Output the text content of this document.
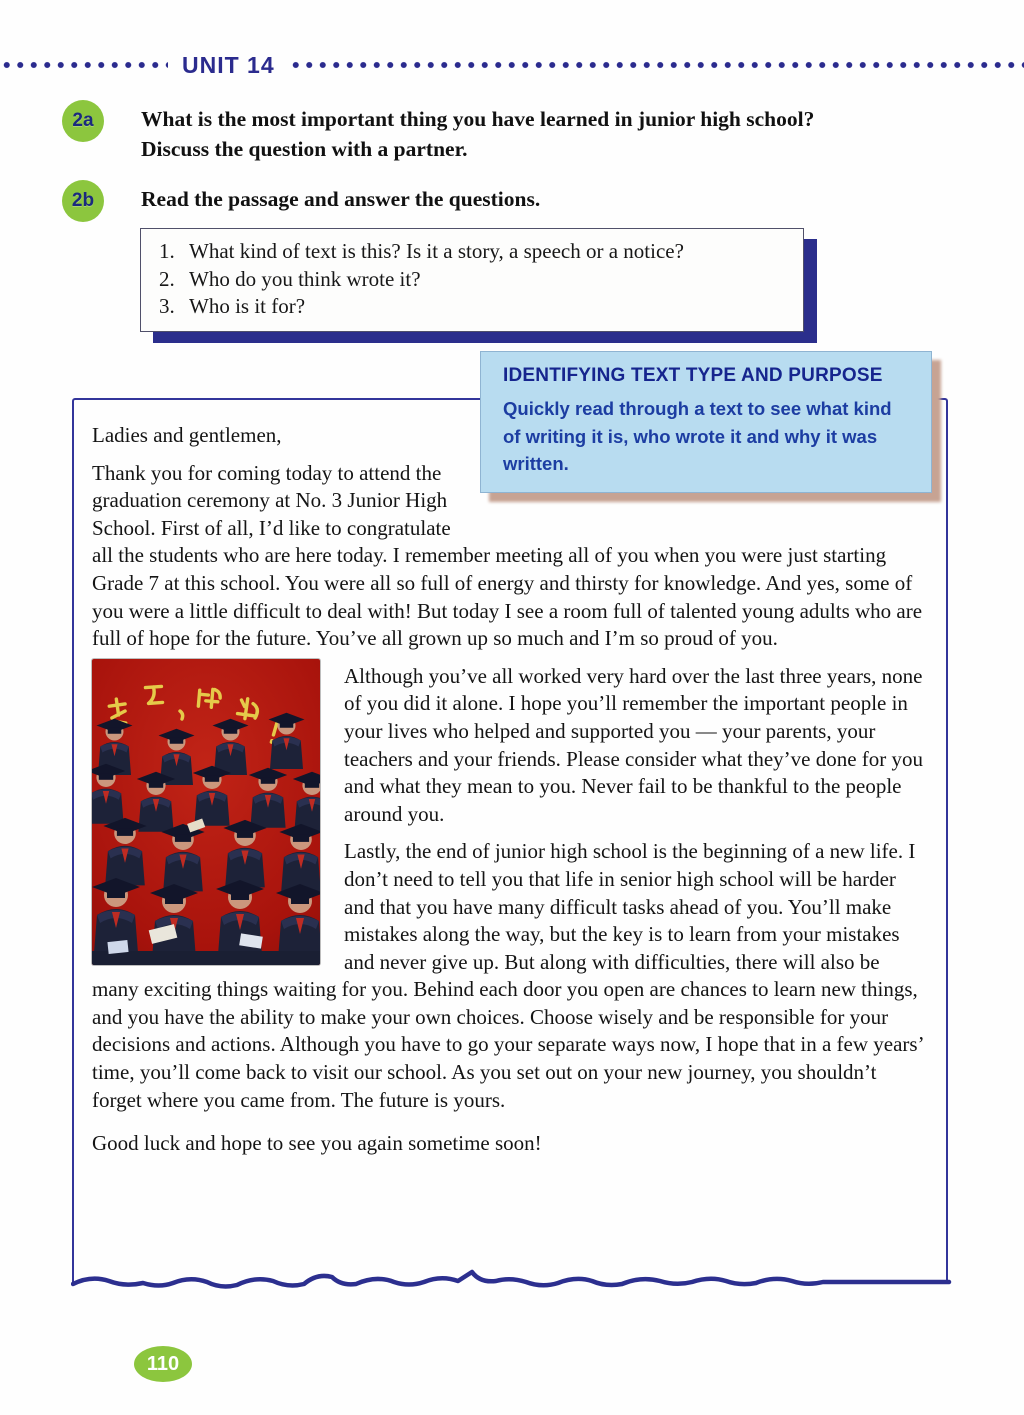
UNIT 14
2a	What is the most important thing you have learned in junior high school? Discuss the question with a partner.
2b	Read the passage and answer the questions.
1. What kind of text is this? Is it a story, a speech or a notice?
2. Who do you think wrote it?
3. Who is it for?
IDENTIFYING TEXT TYPE AND PURPOSE
Quickly read through a text to see what kind of writing it is, who wrote it and why it was written.

Ladies and gentlemen,

Thank you for coming today to attend the graduation ceremony at No. 3 Junior High School. First of all, I’d like to congratulate all the students who are here today. I remember meeting all of you when you were just starting Grade 7 at this school. You were all so full of energy and thirsty for knowledge. And yes, some of you were a little difficult to deal with! But today I see a room full of talented young adults who are full of hope for the future. You’ve all grown up so much and I’m so proud of you.

Although you’ve all worked very hard over the last three years, none of you did it alone. I hope you’ll remember the important people in your lives who helped and supported you — your parents, your teachers and your friends. Please consider what they’ve done for you and what they mean to you. Never fail to be thankful to the people around you.

Lastly, the end of junior high school is the beginning of a new life. I don’t need to tell you that life in senior high school will be harder and that you have many difficult tasks ahead of you. You’ll make mistakes along the way, but the key is to learn from your mistakes and never give up. But along with difficulties, there will also be many exciting things waiting for you. Behind each door you open are chances to learn new things, and you have the ability to make your own choices. Choose wisely and be responsible for your decisions and actions. Although you have to go your separate ways now, I hope that in a few years’ time, you’ll come back to visit our school. As you set out on your new journey, you shouldn’t forget where you came from. The future is yours.

Good luck and hope to see you again sometime soon!

110
